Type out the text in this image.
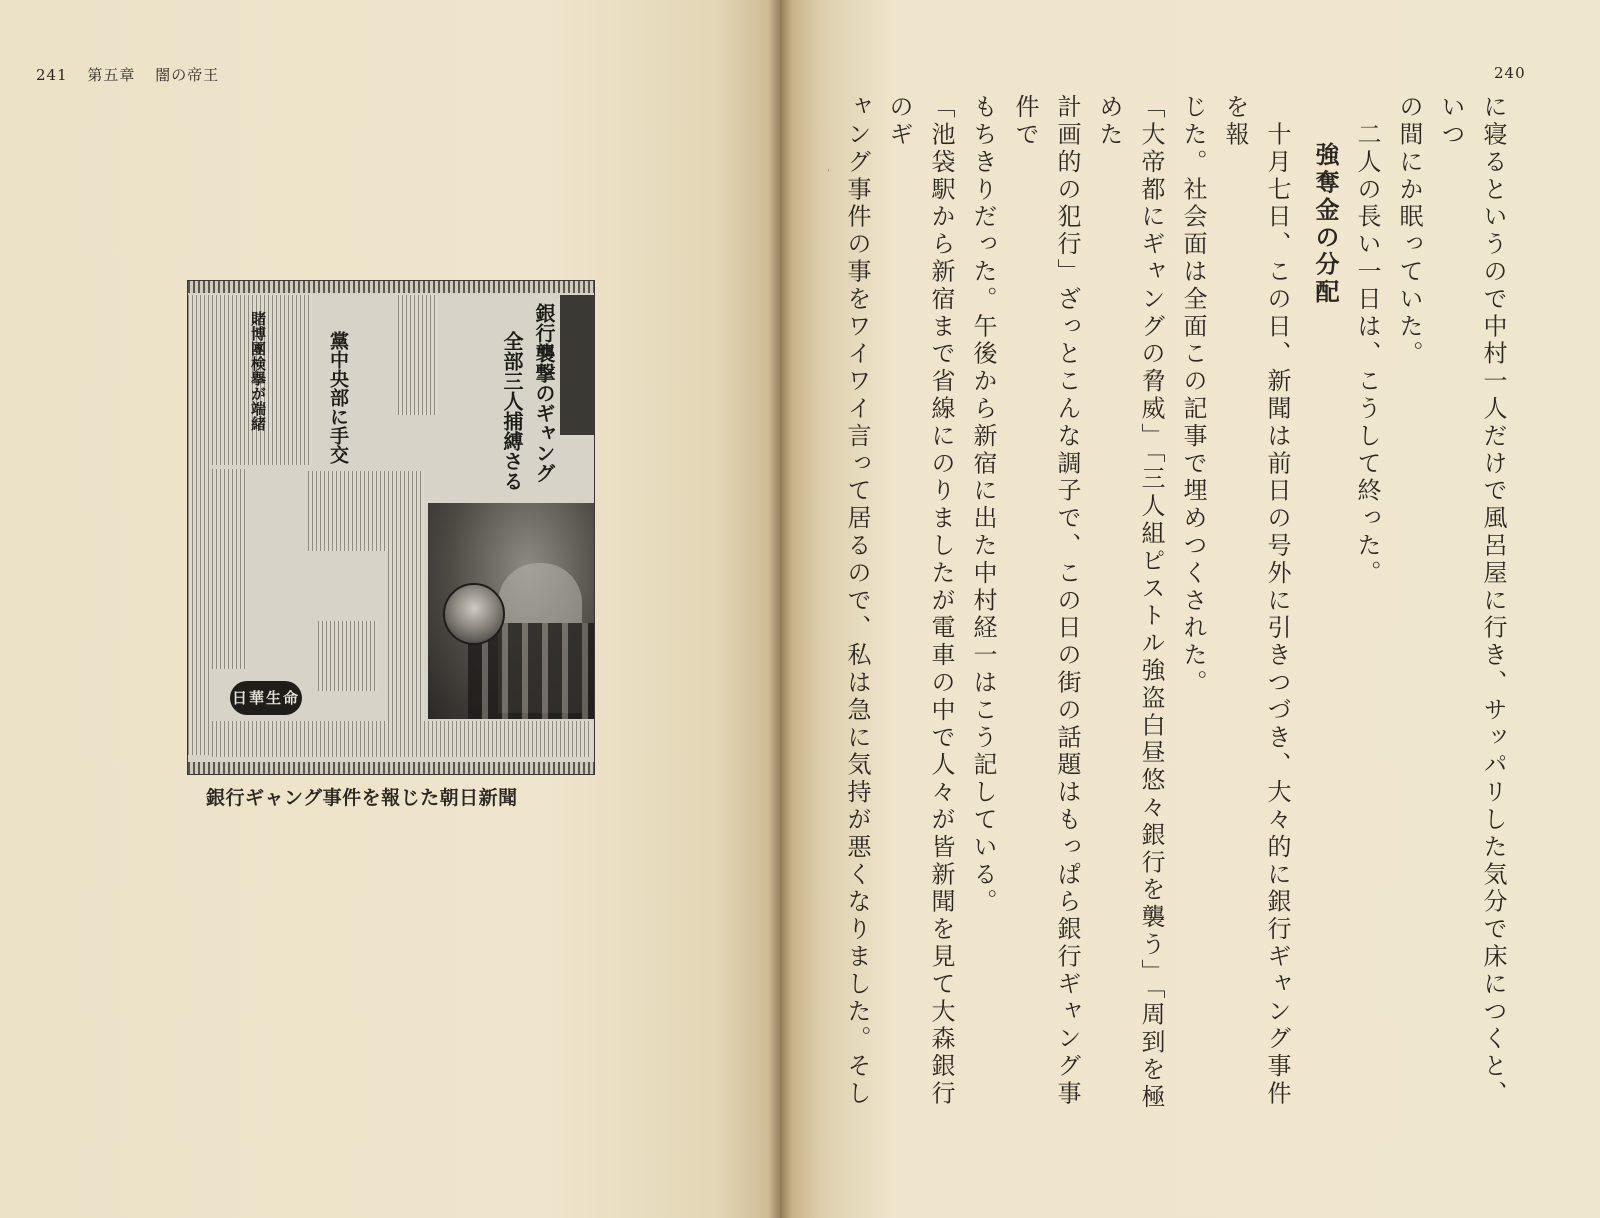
241 第五章 闇の帝王
銀行襲撃のギャング
全部三人捕縛さる
黨中央部に手交
賭博團検擧が端緒
日華生命
銀行ギャング事件を報じた朝日新聞
240

に寝るというので中村一人だけで風呂屋に行き、サッパリした気分で床につくと、いつ

の間にか眠っていた。

　二人の長い一日は、こうして終った。

強奪金の分配

　十月七日、この日、新聞は前日の号外に引きつづき、大々的に銀行ギャング事件を報

じた。社会面は全面この記事で埋めつくされた。

「大帝都にギャングの脅威」「三人組ピストル強盗白昼悠々銀行を襲う」「周到を極めた

計画的の犯行」ざっとこんな調子で、この日の街の話題はもっぱら銀行ギャング事件で

もちきりだった。午後から新宿に出た中村経一はこう記している。

「池袋駅から新宿まで省線にのりましたが電車の中で人々が皆新聞を見て大森銀行のギ

ャング事件の事をワイワイ言って居るので、私は急に気持が悪くなりました。そし
